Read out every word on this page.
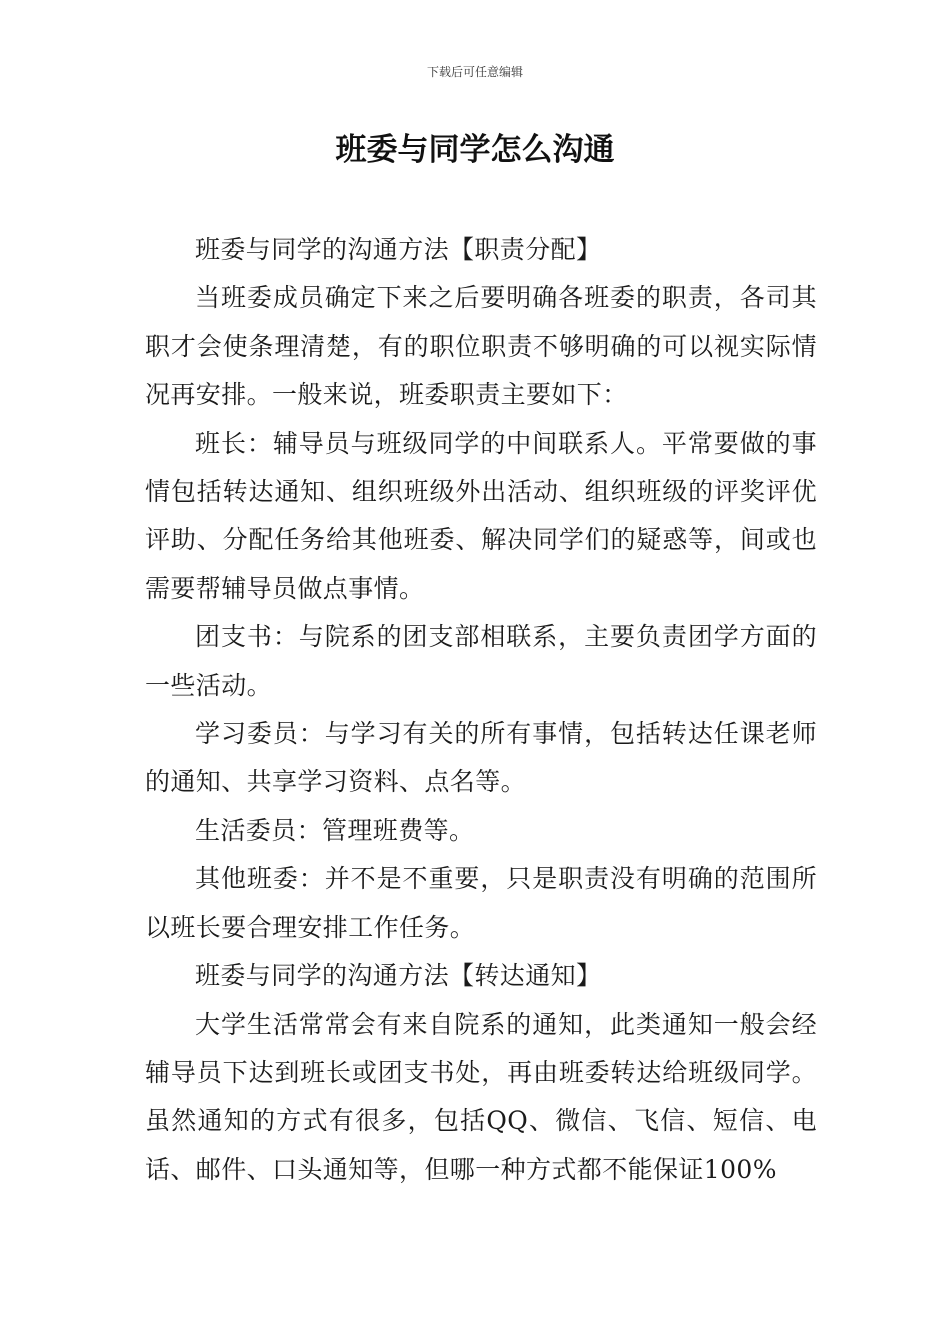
下载后可任意编辑
班委与同学怎么沟通

班委与同学的沟通方法【职责分配】

当班委成员确定下来之后要明确各班委的职责，各司其职才会使条理清楚，有的职位职责不够明确的可以视实际情况再安排。一般来说，班委职责主要如下：

班长：辅导员与班级同学的中间联系人。平常要做的事情包括转达通知、组织班级外出活动、组织班级的评奖评优评助、分配任务给其他班委、解决同学们的疑惑等，间或也需要帮辅导员做点事情。

团支书：与院系的团支部相联系，主要负责团学方面的一些活动。

学习委员：与学习有关的所有事情，包括转达任课老师的通知、共享学习资料、点名等。

生活委员：管理班费等。

其他班委：并不是不重要，只是职责没有明确的范围所以班长要合理安排工作任务。

班委与同学的沟通方法【转达通知】

大学生活常常会有来自院系的通知，此类通知一般会经辅导员下达到班长或团支书处，再由班委转达给班级同学。虽然通知的方式有很多，包括QQ、微信、飞信、短信、电话、邮件、口头通知等，但哪一种方式都不能保证100%
